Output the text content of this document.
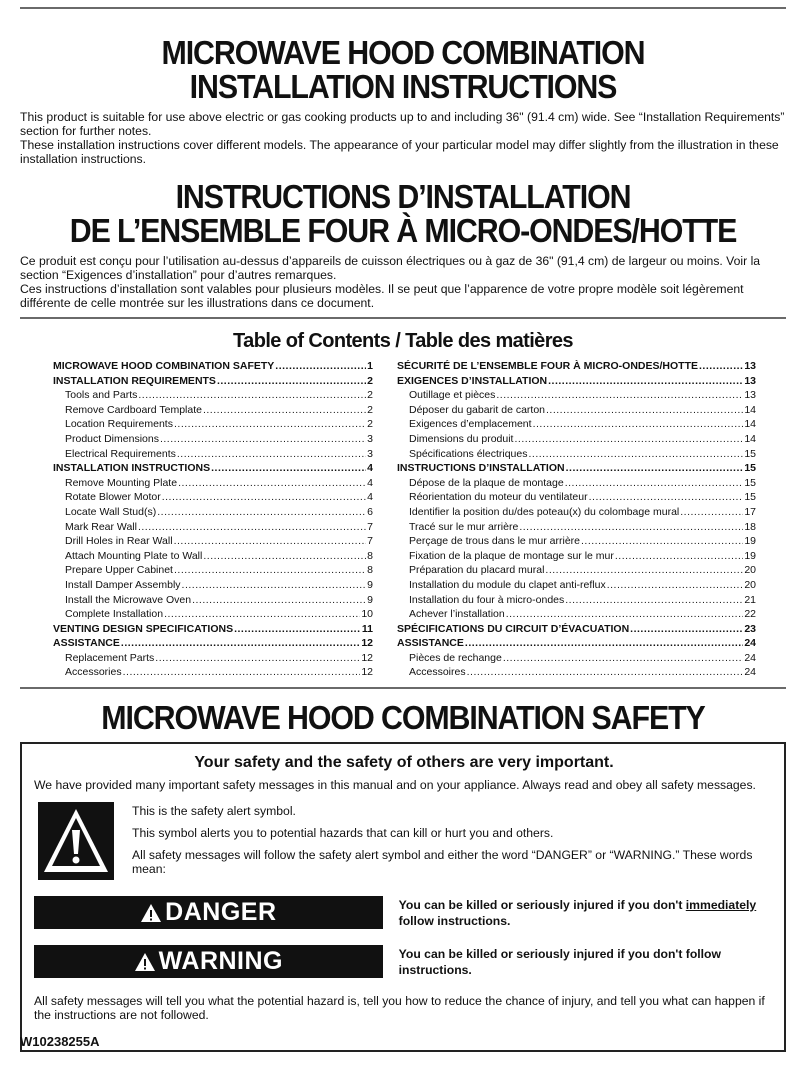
MICROWAVE HOOD COMBINATION
INSTALLATION INSTRUCTIONS

This product is suitable for use above electric or gas cooking products up to and including 36" (91.4 cm) wide. See “Installation Requirements” section for further notes.

These installation instructions cover different models. The appearance of your particular model may differ slightly from the illustration in these installation instructions.

INSTRUCTIONS D’INSTALLATION
DE L’ENSEMBLE FOUR À MICRO-ONDES/HOTTE

Ce produit est conçu pour l’utilisation au-dessus d’appareils de cuisson électriques ou à gaz de 36" (91,4 cm) de largeur ou moins. Voir la section “Exigences d’installation” pour d’autres remarques.

Ces instructions d’installation sont valables pour plusieurs modèles. Il se peut que l’apparence de votre propre modèle soit légèrement différente de celle montrée sur les illustrations dans ce document.

Table of Contents / Table des matières
MICROWAVE HOOD COMBINATION SAFETY .....	1
INSTALLATION REQUIREMENTS .....	2
Tools and Parts .....	2
Remove Cardboard Template .....	2
Location Requirements .....	2
Product Dimensions .....	3
Electrical Requirements .....	3
INSTALLATION INSTRUCTIONS .....	4
Remove Mounting Plate .....	4
Rotate Blower Motor .....	4
Locate Wall Stud(s) .....	6
Mark Rear Wall .....	7
Drill Holes in Rear Wall .....	7
Attach Mounting Plate to Wall .....	8
Prepare Upper Cabinet .....	8
Install Damper Assembly .....	9
Install the Microwave Oven .....	9
Complete Installation .....	10
VENTING DESIGN SPECIFICATIONS .....	11
ASSISTANCE .....	12
Replacement Parts .....	12
Accessories .....	12
SÉCURITÉ DE L’ENSEMBLE FOUR À MICRO-ONDES/HOTTE .....	13
EXIGENCES D’INSTALLATION .....	13
Outillage et pièces .....	13
Déposer du gabarit de carton .....	14
Exigences d’emplacement .....	14
Dimensions du produit .....	14
Spécifications électriques .....	15
INSTRUCTIONS D’INSTALLATION .....	15
Dépose de la plaque de montage .....	15
Réorientation du moteur du ventilateur .....	15
Identifier la position du/des poteau(x) du colombage mural .....	17
Tracé sur le mur arrière .....	18
Perçage de trous dans le mur arrière .....	19
Fixation de la plaque de montage sur le mur .....	19
Préparation du placard mural .....	20
Installation du module du clapet anti-reflux .....	20
Installation du four à micro-ondes .....	21
Achever l’installation .....	22
SPÉCIFICATIONS DU CIRCUIT D’ÉVACUATION .....	23
ASSISTANCE .....	24
Pièces de rechange .....	24
Accessoires .....	24
MICROWAVE HOOD COMBINATION SAFETY
Your safety and the safety of others are very important.

We have provided many important safety messages in this manual and on your appliance. Always read and obey all safety messages.

This is the safety alert symbol.

This symbol alerts you to potential hazards that can kill or hurt you and others.

All safety messages will follow the safety alert symbol and either the word “DANGER” or “WARNING.” These words mean:

DANGER	You can be killed or seriously injured if you don't immediately follow instructions.
WARNING	You can be killed or seriously injured if you don't follow instructions.

All safety messages will tell you what the potential hazard is, tell you how to reduce the chance of injury, and tell you what can happen if the instructions are not followed.

W10238255A
